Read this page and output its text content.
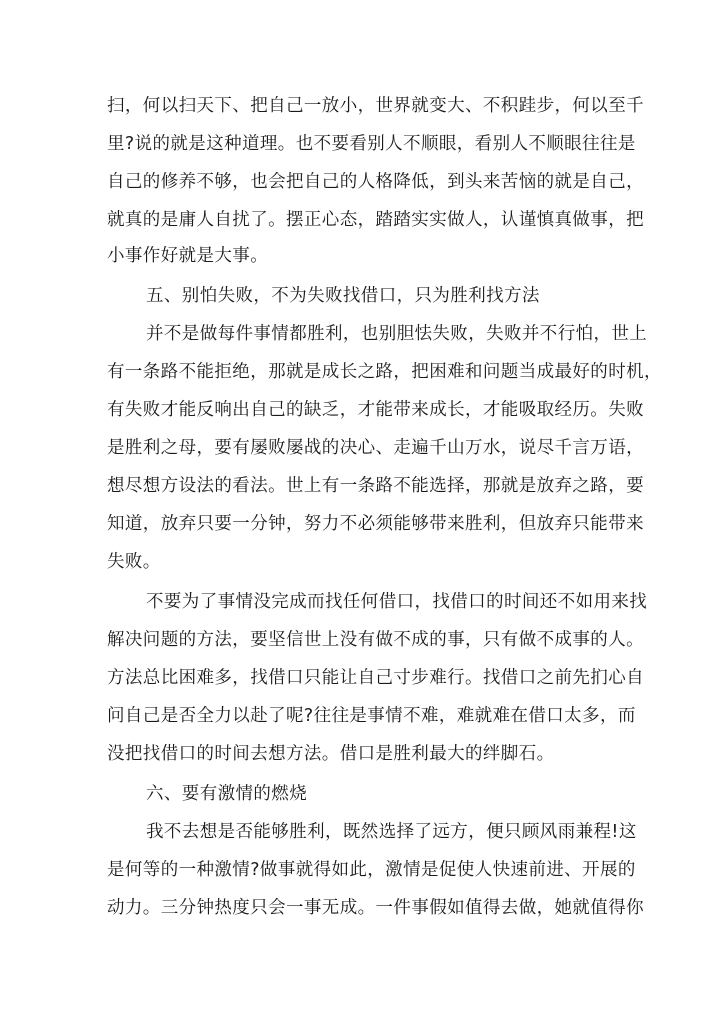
扫，何以扫天下、把自己一放小，世界就变大、不积跬步，何以至千
里?说的就是这种道理。也不要看别人不顺眼，看别人不顺眼往往是
自己的修养不够，也会把自己的人格降低，到头来苦恼的就是自己，
就真的是庸人自扰了。摆正心态，踏踏实实做人，认谨慎真做事，把
小事作好就是大事。
五、别怕失败，不为失败找借口，只为胜利找方法
并不是做每件事情都胜利，也别胆怯失败，失败并不行怕，世上
有一条路不能拒绝，那就是成长之路，把困难和问题当成最好的时机，
有失败才能反响出自己的缺乏，才能带来成长，才能吸取经历。失败
是胜利之母，要有屡败屡战的决心、走遍千山万水，说尽千言万语，
想尽想方设法的看法。世上有一条路不能选择，那就是放弃之路，要
知道，放弃只要一分钟，努力不必须能够带来胜利，但放弃只能带来
失败。
不要为了事情没完成而找任何借口，找借口的时间还不如用来找
解决问题的方法，要坚信世上没有做不成的事，只有做不成事的人。
方法总比困难多，找借口只能让自己寸步难行。找借口之前先扪心自
问自己是否全力以赴了呢?往往是事情不难，难就难在借口太多，而
没把找借口的时间去想方法。借口是胜利最大的绊脚石。
六、要有激情的燃烧
我不去想是否能够胜利，既然选择了远方，便只顾风雨兼程!这
是何等的一种激情?做事就得如此，激情是促使人快速前进、开展的
动力。三分钟热度只会一事无成。一件事假如值得去做，她就值得你
